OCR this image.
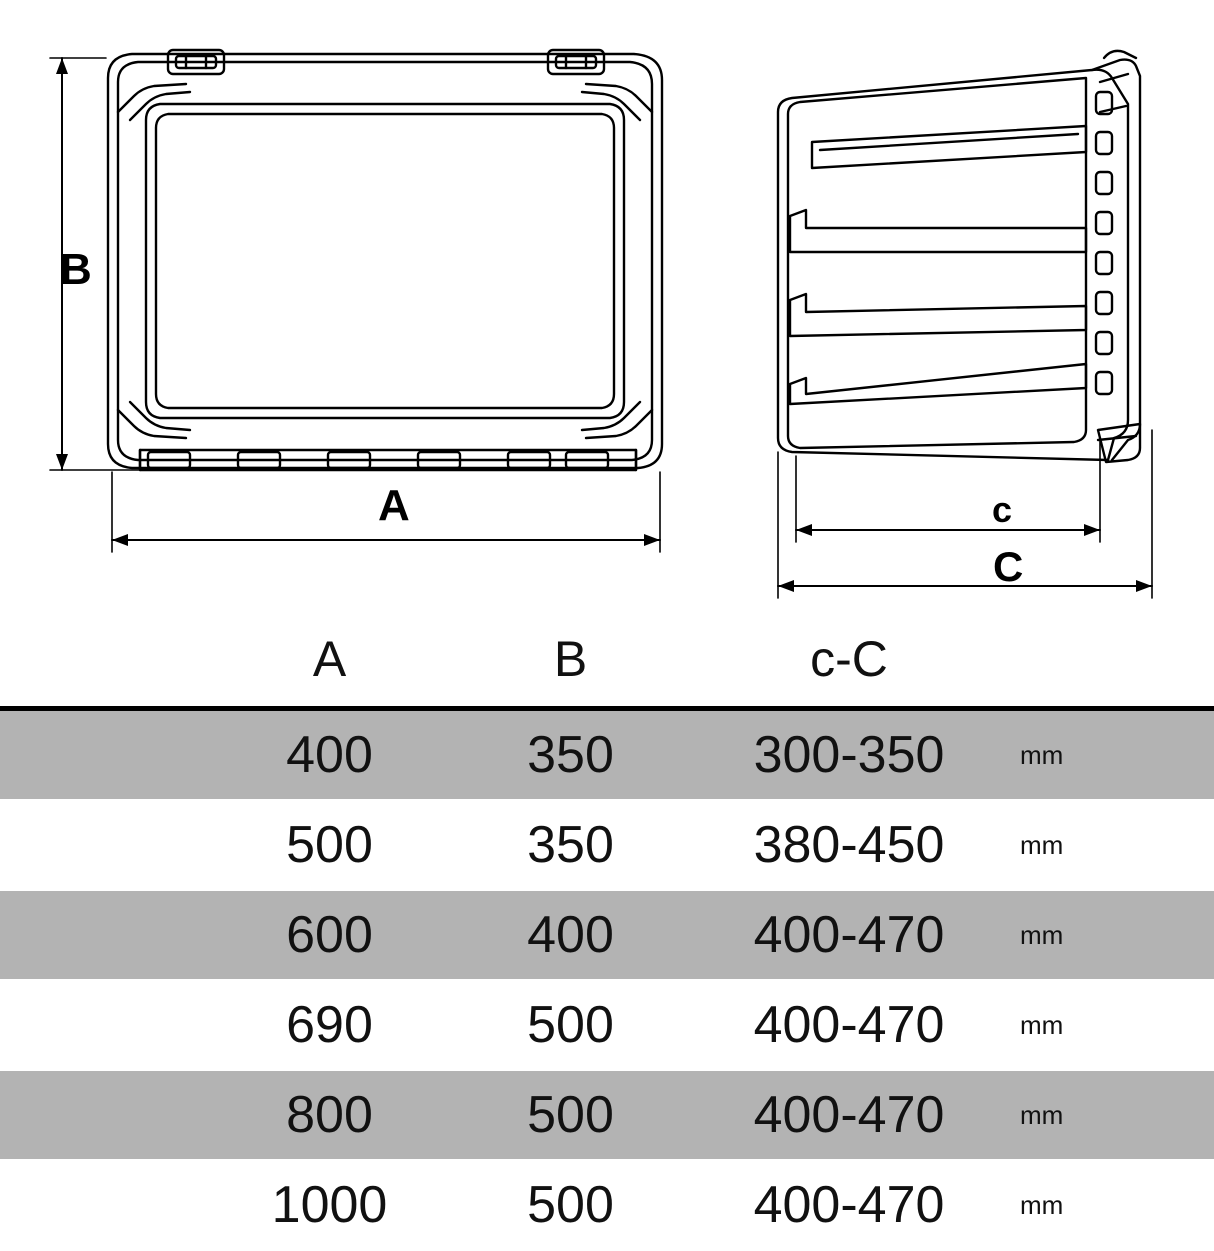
B
A	c
C
	A	B	c-C	
	400	350	300-350	mm
	500	350	380-450	mm
	600	400	400-470	mm
	690	500	400-470	mm
	800	500	400-470	mm
	1000	500	400-470	mm
